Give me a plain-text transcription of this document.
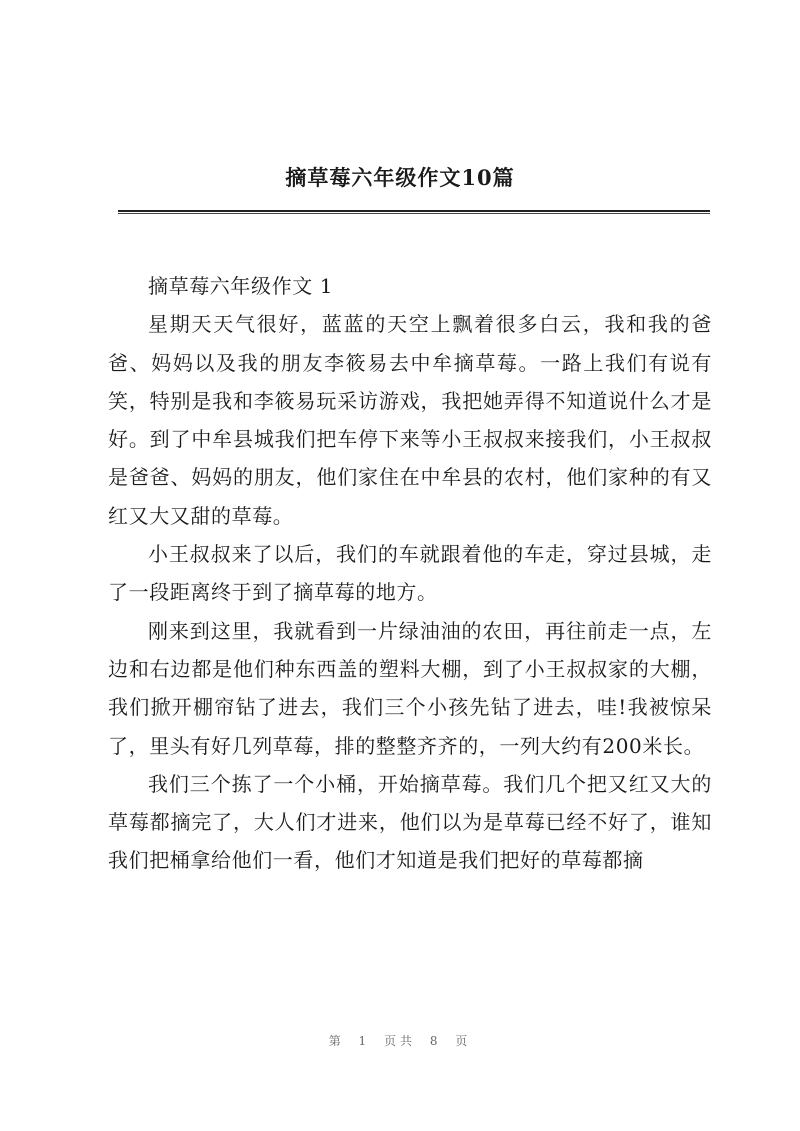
摘草莓六年级作文10篇

摘草莓六年级作文 1

星期天天气很好，蓝蓝的天空上飘着很多白云，我和我的爸爸、妈妈以及我的朋友李筱易去中牟摘草莓。一路上我们有说有笑，特别是我和李筱易玩采访游戏，我把她弄得不知道说什么才是好。到了中牟县城我们把车停下来等小王叔叔来接我们，小王叔叔是爸爸、妈妈的朋友，他们家住在中牟县的农村，他们家种的有又红又大又甜的草莓。

小王叔叔来了以后，我们的车就跟着他的车走，穿过县城，走了一段距离终于到了摘草莓的地方。

刚来到这里，我就看到一片绿油油的农田，再往前走一点，左边和右边都是他们种东西盖的塑料大棚，到了小王叔叔家的大棚，我们掀开棚帘钻了进去，我们三个小孩先钻了进去，哇!我被惊呆了，里头有好几列草莓，排的整整齐齐的，一列大约有200米长。

我们三个拣了一个小桶，开始摘草莓。我们几个把又红又大的草莓都摘完了，大人们才进来，他们以为是草莓已经不好了，谁知我们把桶拿给他们一看，他们才知道是我们把好的草莓都摘

第 1 页共 8 页
